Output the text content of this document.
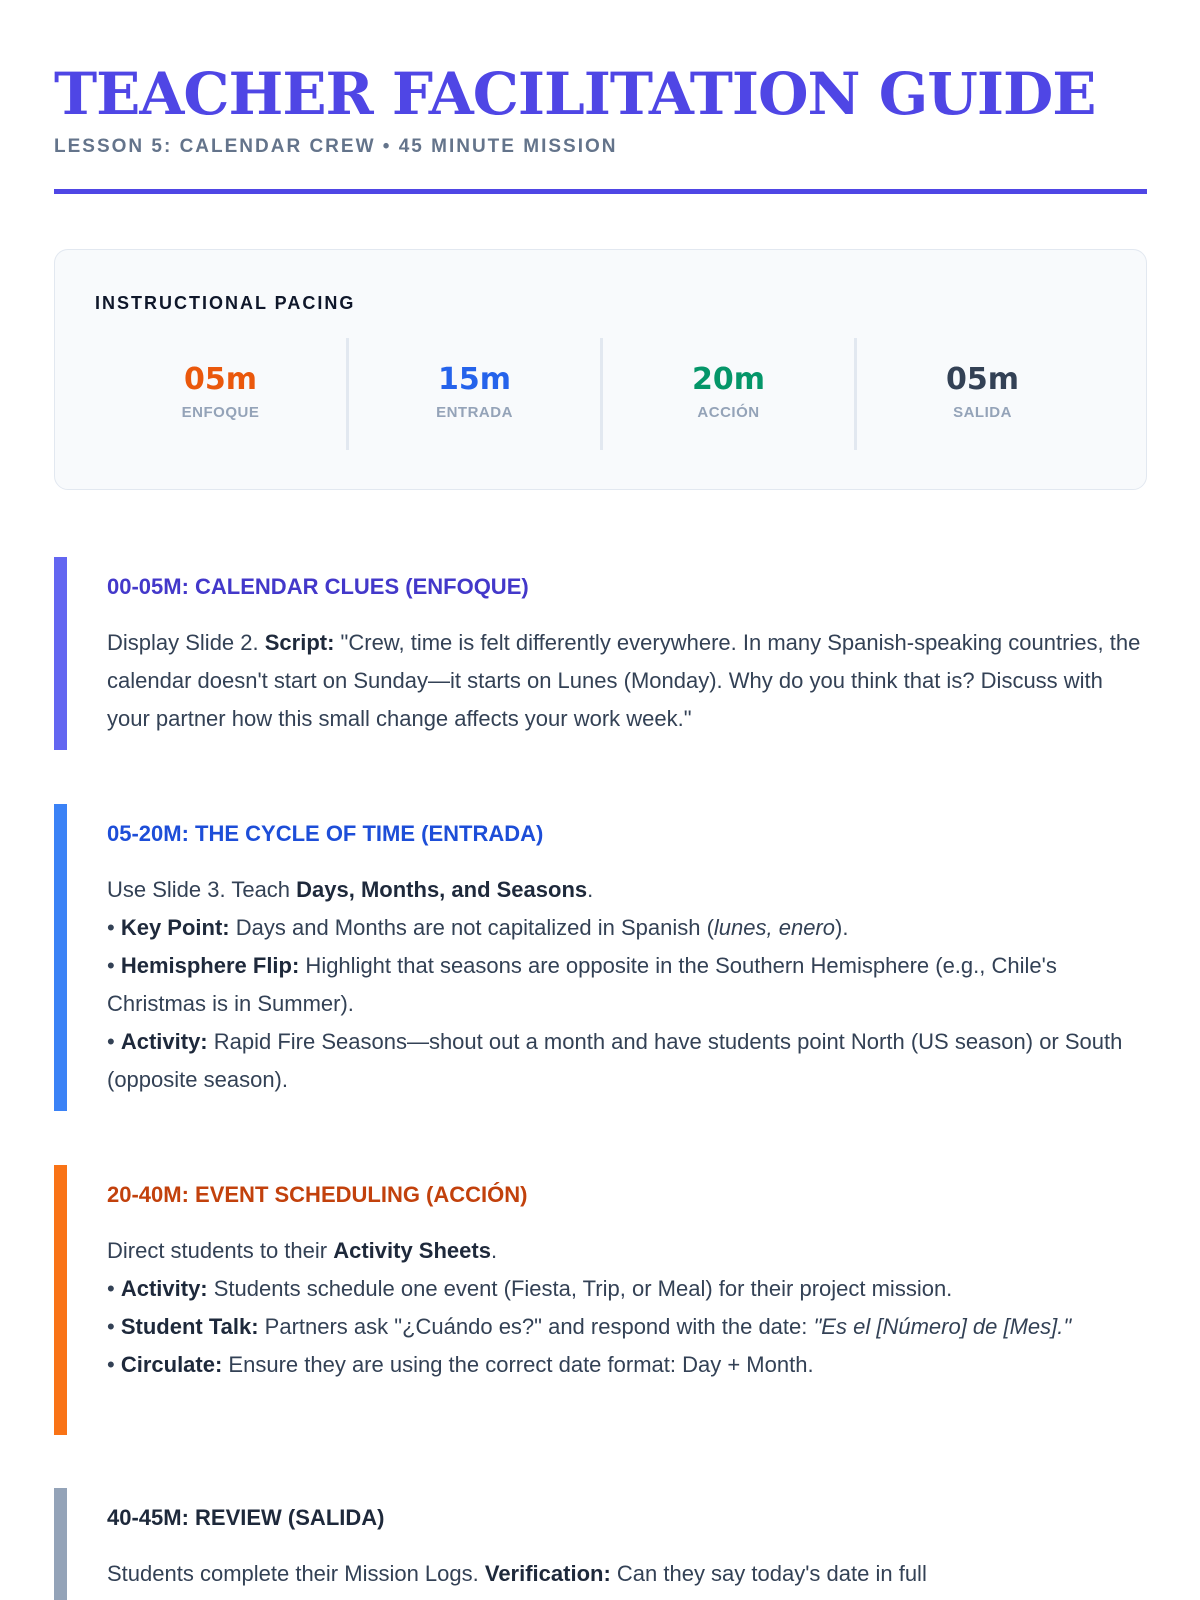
TEACHER FACILITATION GUIDE
LESSON 5: CALENDAR CREW • 45 MINUTE MISSION
INSTRUCTIONAL PACING
05m
ENFOQUE
15m
ENTRADA
20m
ACCIÓN
05m
SALIDA
00-05M: CALENDAR CLUES (ENFOQUE)

Display Slide 2. Script: "Crew, time is felt differently everywhere. In many Spanish-speaking countries, the calendar doesn't start on Sunday—it starts on Lunes (Monday). Why do you think that is? Discuss with your partner how this small change affects your work week."

05-20M: THE CYCLE OF TIME (ENTRADA)

Use Slide 3. Teach Days, Months, and Seasons.

• Key Point: Days and Months are not capitalized in Spanish (lunes, enero).

• Hemisphere Flip: Highlight that seasons are opposite in the Southern Hemisphere (e.g., Chile's Christmas is in Summer).

• Activity: Rapid Fire Seasons—shout out a month and have students point North (US season) or South (opposite season).

20-40M: EVENT SCHEDULING (ACCIÓN)

Direct students to their Activity Sheets.

• Activity: Students schedule one event (Fiesta, Trip, or Meal) for their project mission.

• Student Talk: Partners ask "¿Cuándo es?" and respond with the date: "Es el [Número] de [Mes]."

• Circulate: Ensure they are using the correct date format: Day + Month.

40-45M: REVIEW (SALIDA)

Students complete their Mission Logs. Verification: Can they say today's date in full
